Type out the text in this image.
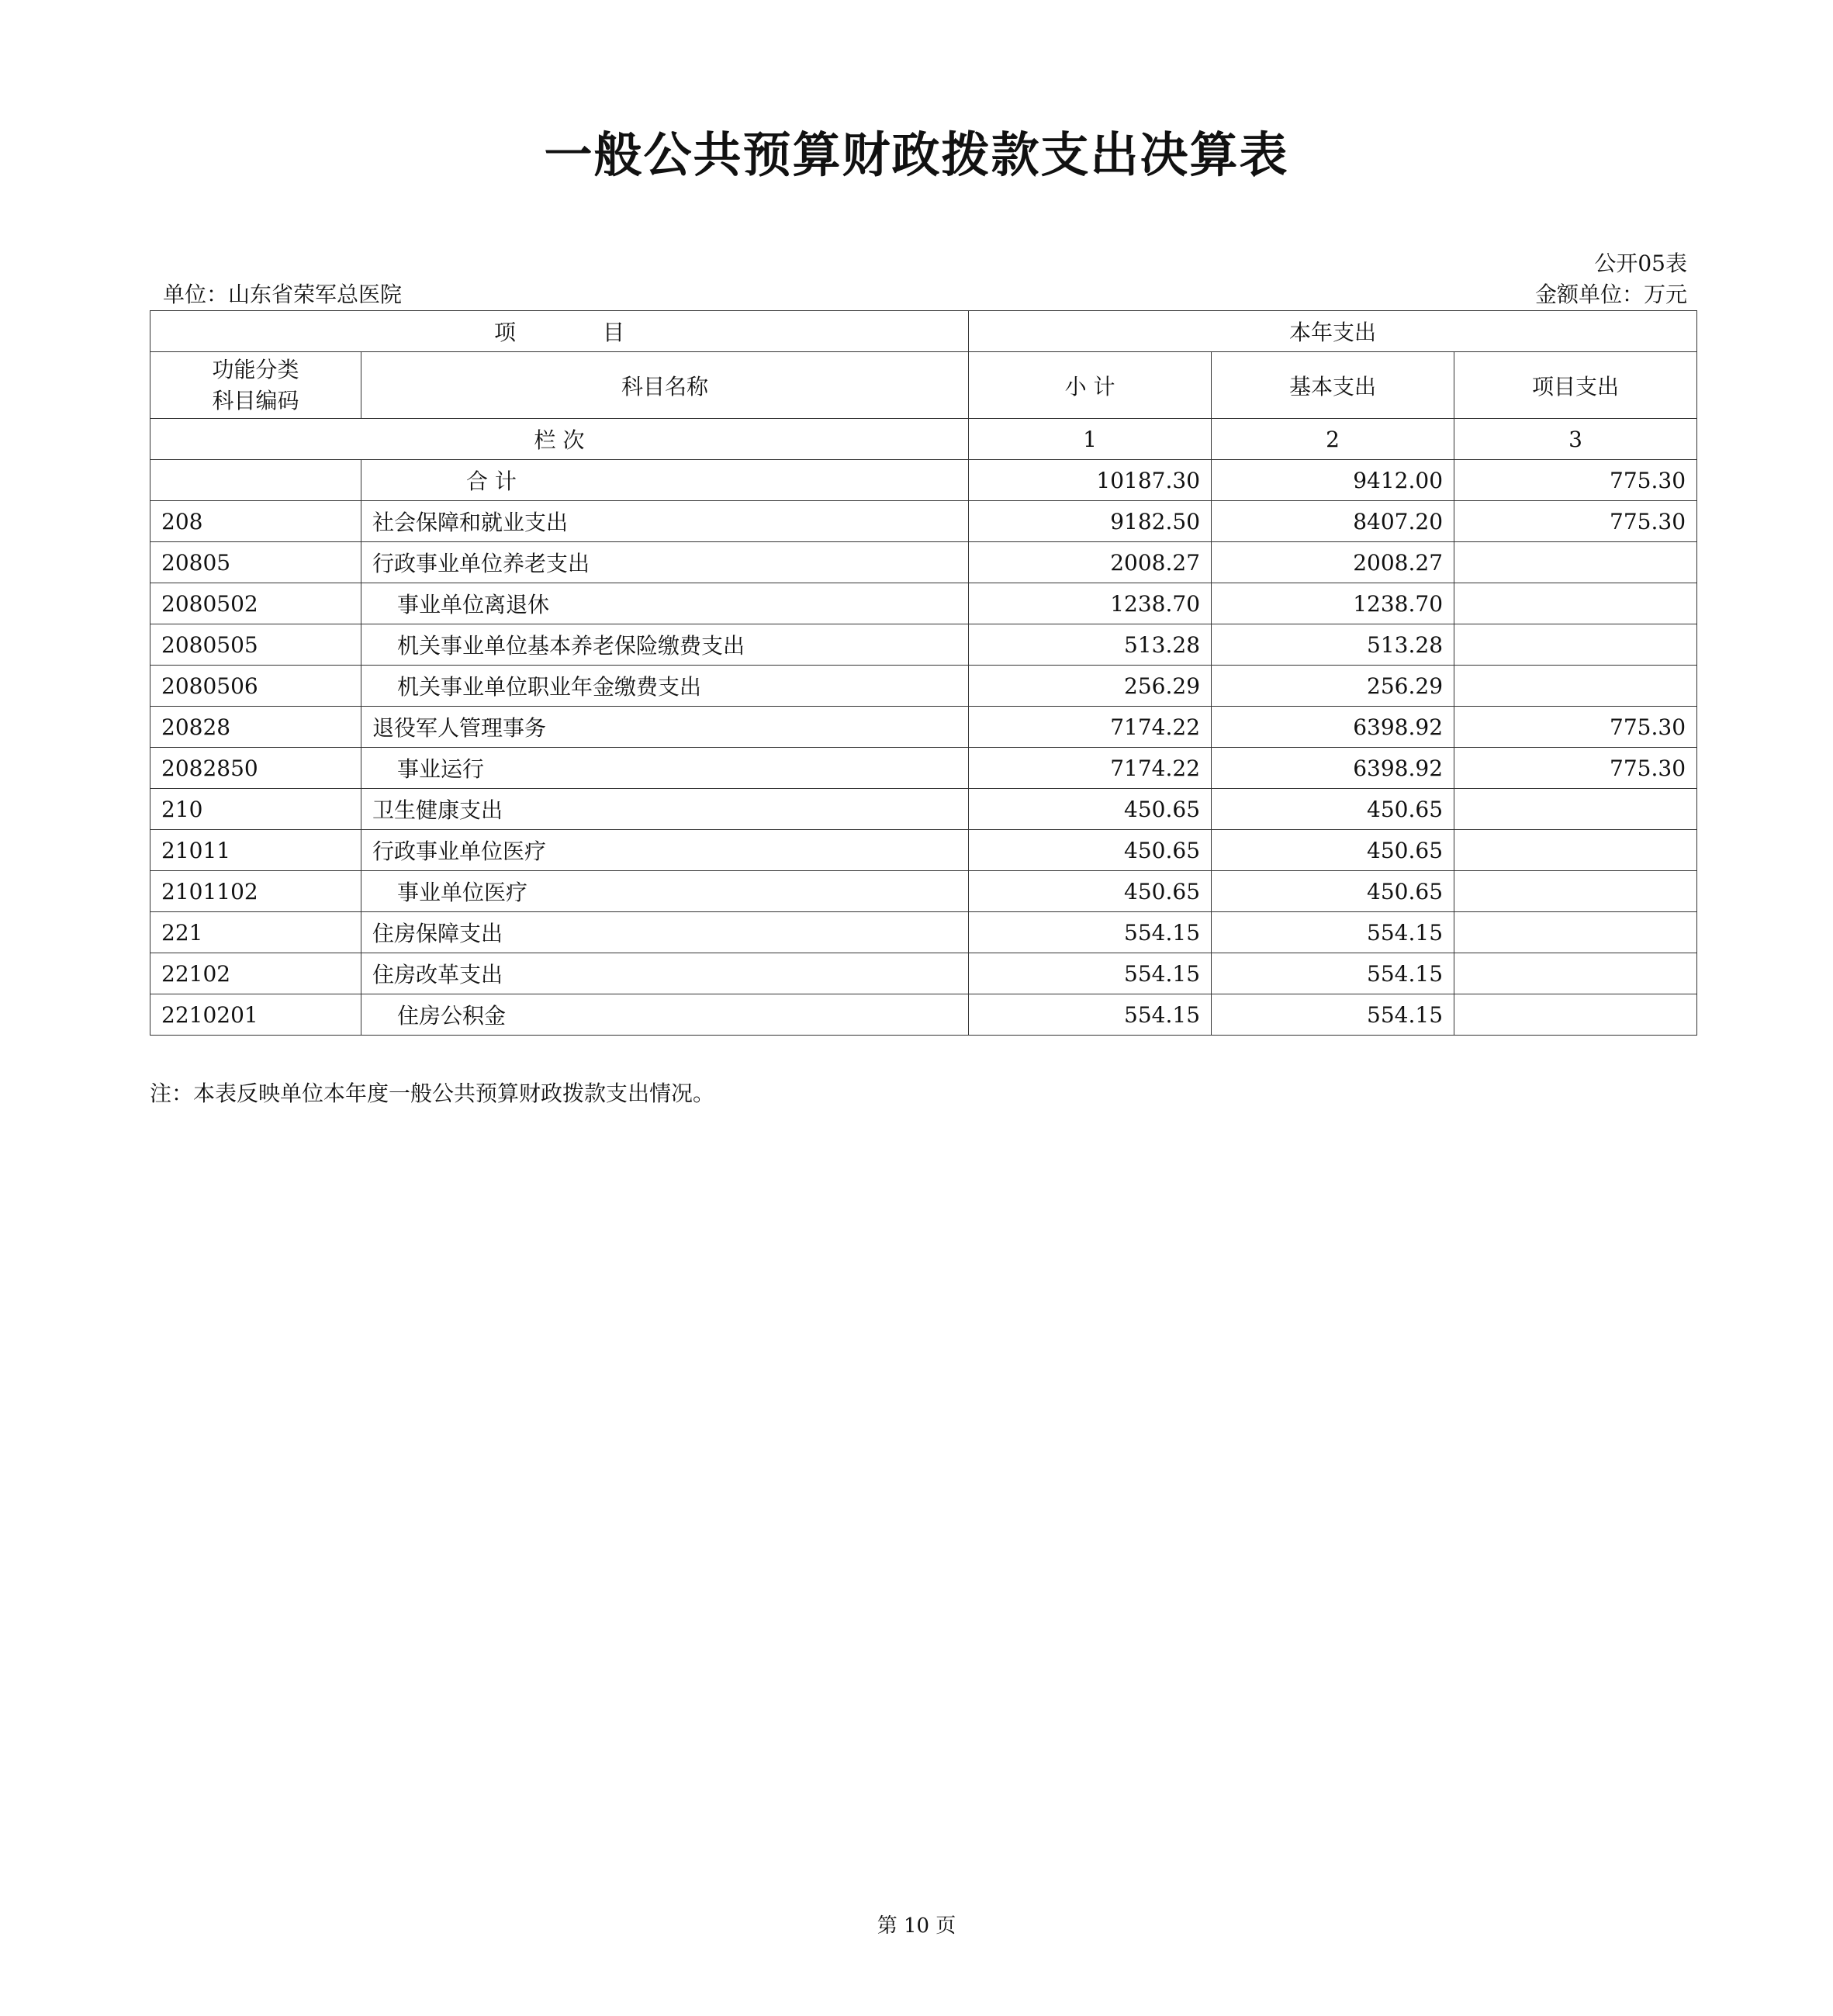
一般公共预算财政拨款支出决算表
公开05表
单位：山东省荣军总医院	金额单位：万元
项　　　　目		本年支出		

功能分类
科目编码	科目名称	小 计	基本支出	项目支出
栏 次		1	2	3
	合 计	10187.30	9412.00	775.30
208	社会保障和就业支出	9182.50	8407.20	775.30
20805	行政事业单位养老支出	2008.27	2008.27	
2080502	事业单位离退休	1238.70	1238.70	
2080505	机关事业单位基本养老保险缴费支出	513.28	513.28	
2080506	机关事业单位职业年金缴费支出	256.29	256.29	
20828	退役军人管理事务	7174.22	6398.92	775.30
2082850	事业运行	7174.22	6398.92	775.30
210	卫生健康支出	450.65	450.65	
21011	行政事业单位医疗	450.65	450.65	
2101102	事业单位医疗	450.65	450.65	
221	住房保障支出	554.15	554.15	
22102	住房改革支出	554.15	554.15	
2210201	住房公积金	554.15	554.15	
注：本表反映单位本年度一般公共预算财政拨款支出情况。
第 10 页
